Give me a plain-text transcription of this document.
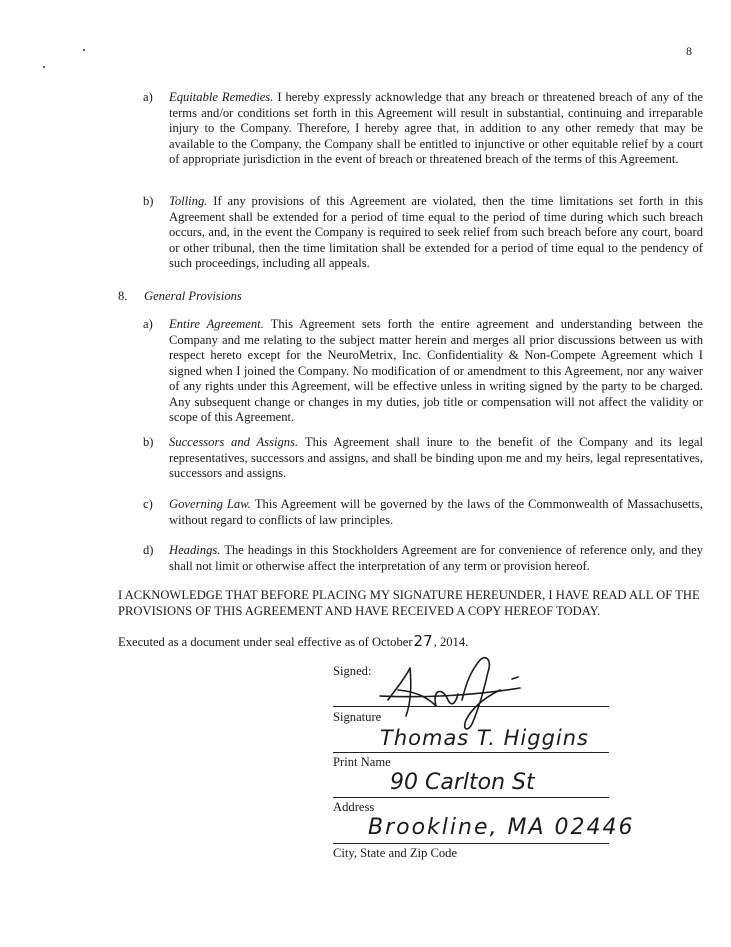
8
a) Equitable Remedies. I hereby expressly acknowledge that any breach or threatened breach of any of the terms and/or conditions set forth in this Agreement will result in substantial, continuing and irreparable injury to the Company. Therefore, I hereby agree that, in addition to any other remedy that may be available to the Company, the Company shall be entitled to injunctive or other equitable relief by a court of appropriate jurisdiction in the event of breach or threatened breach of the terms of this Agreement.
b) Tolling. If any provisions of this Agreement are violated, then the time limitations set forth in this Agreement shall be extended for a period of time equal to the period of time during which such breach occurs, and, in the event the Company is required to seek relief from such breach before any court, board or other tribunal, then the time limitation shall be extended for a period of time equal to the pendency of such proceedings, including all appeals.
8. General Provisions
a) Entire Agreement. This Agreement sets forth the entire agreement and understanding between the Company and me relating to the subject matter herein and merges all prior discussions between us with respect hereto except for the NeuroMetrix, Inc. Confidentiality & Non-Compete Agreement which I signed when I joined the Company. No modification of or amendment to this Agreement, nor any waiver of any rights under this Agreement, will be effective unless in writing signed by the party to be charged. Any subsequent change or changes in my duties, job title or compensation will not affect the validity or scope of this Agreement.
b) Successors and Assigns. This Agreement shall inure to the benefit of the Company and its legal representatives, successors and assigns, and shall be binding upon me and my heirs, legal representatives, successors and assigns.
c) Governing Law. This Agreement will be governed by the laws of the Commonwealth of Massachusetts, without regard to conflicts of law principles.
d) Headings. The headings in this Stockholders Agreement are for convenience of reference only, and they shall not limit or otherwise affect the interpretation of any term or provision hereof.
I ACKNOWLEDGE THAT BEFORE PLACING MY SIGNATURE HEREUNDER, I HAVE READ ALL OF THE PROVISIONS OF THIS AGREEMENT AND HAVE RECEIVED A COPY HEREOF TODAY.
Executed as a document under seal effective as of October27, 2014.
Signed:
Signature
Thomas T. Higgins
Print Name
90 Carlton St
Address
Brookline, MA 02446
City, State and Zip Code
